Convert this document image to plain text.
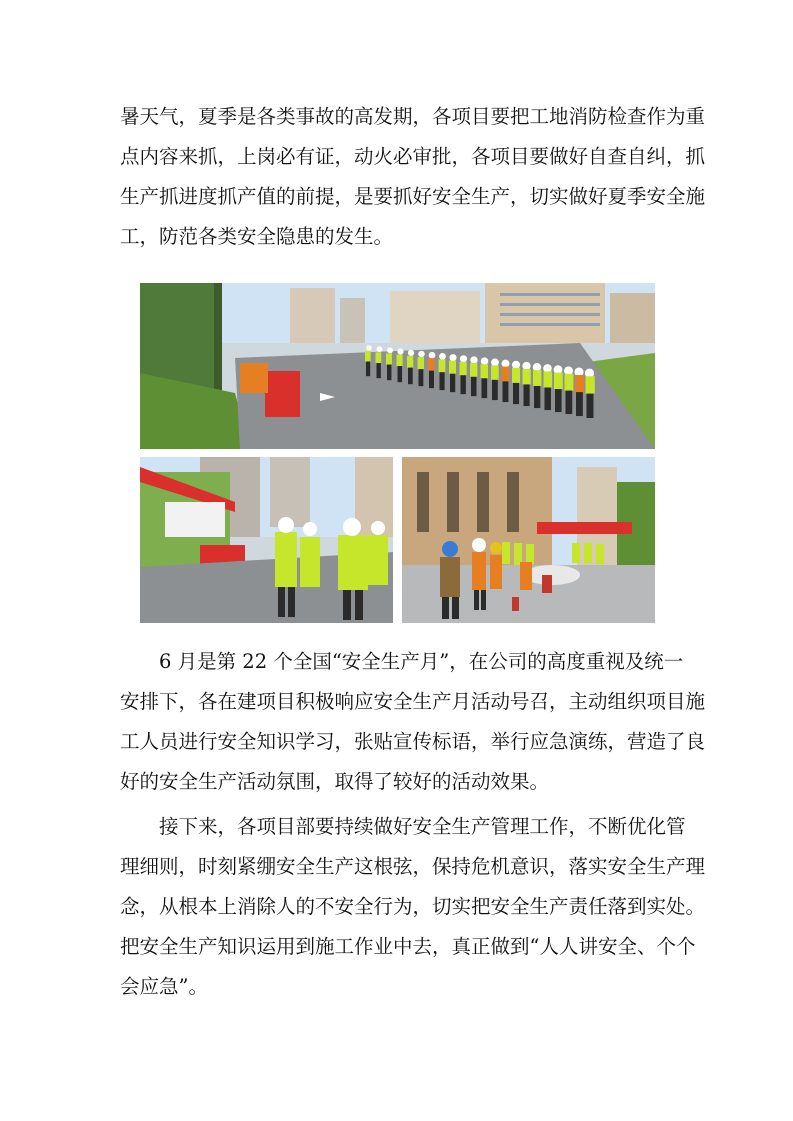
暑天气，夏季是各类事故的高发期，各项目要把工地消防检查作为重
点内容来抓，上岗必有证，动火必审批，各项目要做好自查自纠，抓
生产抓进度抓产值的前提，是要抓好安全生产，切实做好夏季安全施
工，防范各类安全隐患的发生。
6 月是第 22 个全国“安全生产月”，在公司的高度重视及统一
安排下，各在建项目积极响应安全生产月活动号召，主动组织项目施
工人员进行安全知识学习，张贴宣传标语，举行应急演练，营造了良
好的安全生产活动氛围，取得了较好的活动效果。
接下来，各项目部要持续做好安全生产管理工作，不断优化管
理细则，时刻紧绷安全生产这根弦，保持危机意识，落实安全生产理
念，从根本上消除人的不安全行为，切实把安全生产责任落到实处。
把安全生产知识运用到施工作业中去，真正做到“人人讲安全、个个
会应急”。
